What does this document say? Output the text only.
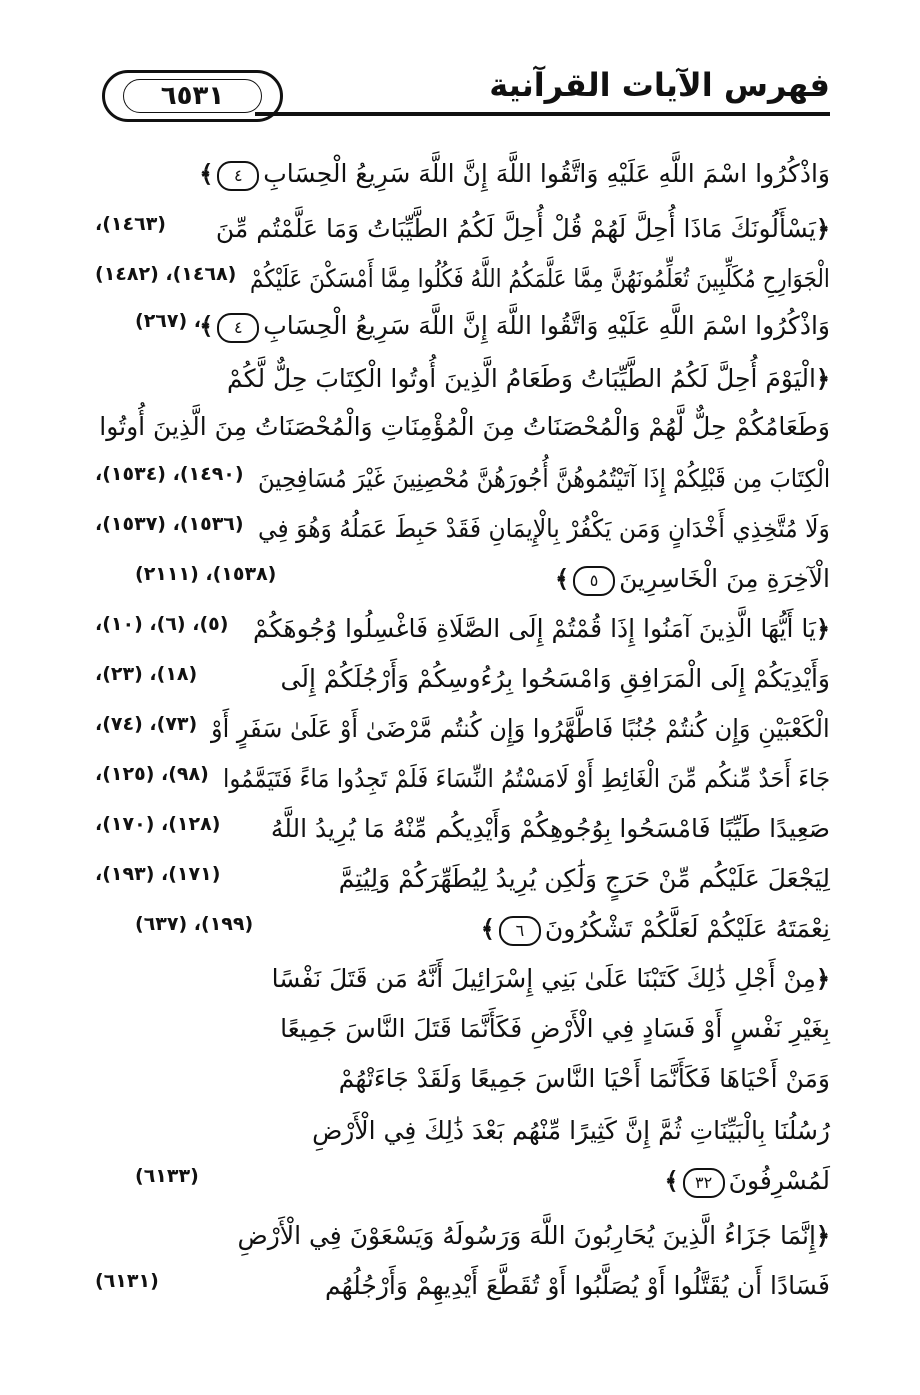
٦٥٣١	فهرس الآيات القرآنية
وَاذْكُرُوا اسْمَ اللَّهِ عَلَيْهِ وَاتَّقُوا اللَّهَ إِنَّ اللَّهَ سَرِيعُ الْحِسَابِ٤﴾
﴿يَسْأَلُونَكَ مَاذَا أُحِلَّ لَهُمْ قُلْ أُحِلَّ لَكُمُ الطَّيِّبَاتُ وَمَا عَلَّمْتُم مِّنَ
(١٤٦٣)،
الْجَوَارِحِ مُكَلِّبِينَ تُعَلِّمُونَهُنَّ مِمَّا عَلَّمَكُمُ اللَّهُ فَكُلُوا مِمَّا أَمْسَكْنَ عَلَيْكُمْ
(١٤٦٨)، (١٤٨٢)
وَاذْكُرُوا اسْمَ اللَّهِ عَلَيْهِ وَاتَّقُوا اللَّهَ إِنَّ اللَّهَ سَرِيعُ الْحِسَابِ٤﴾
، (٢٦٧)
﴿الْيَوْمَ أُحِلَّ لَكُمُ الطَّيِّبَاتُ وَطَعَامُ الَّذِينَ أُوتُوا الْكِتَابَ حِلٌّ لَّكُمْ
وَطَعَامُكُمْ حِلٌّ لَّهُمْ وَالْمُحْصَنَاتُ مِنَ الْمُؤْمِنَاتِ وَالْمُحْصَنَاتُ مِنَ الَّذِينَ أُوتُوا
الْكِتَابَ مِن قَبْلِكُمْ إِذَا آتَيْتُمُوهُنَّ أُجُورَهُنَّ مُحْصِنِينَ غَيْرَ مُسَافِحِينَ
(١٤٩٠)، (١٥٣٤)،
وَلَا مُتَّخِذِي أَخْدَانٍ وَمَن يَكْفُرْ بِالْإِيمَانِ فَقَدْ حَبِطَ عَمَلُهُ وَهُوَ فِي
(١٥٣٦)، (١٥٣٧)،
الْآخِرَةِ مِنَ الْخَاسِرِينَ٥﴾
(١٥٣٨)، (٢١١١)
﴿يَا أَيُّهَا الَّذِينَ آمَنُوا إِذَا قُمْتُمْ إِلَى الصَّلَاةِ فَاغْسِلُوا وُجُوهَكُمْ
(٥)، (٦)، (١٠)،
وَأَيْدِيَكُمْ إِلَى الْمَرَافِقِ وَامْسَحُوا بِرُءُوسِكُمْ وَأَرْجُلَكُمْ إِلَى
(١٨)، (٢٣)،
الْكَعْبَيْنِ وَإِن كُنتُمْ جُنُبًا فَاطَّهَّرُوا وَإِن كُنتُم مَّرْضَىٰ أَوْ عَلَىٰ سَفَرٍ أَوْ
(٧٣)، (٧٤)،
جَاءَ أَحَدٌ مِّنكُم مِّنَ الْغَائِطِ أَوْ لَامَسْتُمُ النِّسَاءَ فَلَمْ تَجِدُوا مَاءً فَتَيَمَّمُوا
(٩٨)، (١٢٥)،
صَعِيدًا طَيِّبًا فَامْسَحُوا بِوُجُوهِكُمْ وَأَيْدِيكُم مِّنْهُ مَا يُرِيدُ اللَّهُ
(١٢٨)، (١٧٠)،
لِيَجْعَلَ عَلَيْكُم مِّنْ حَرَجٍ وَلَٰكِن يُرِيدُ لِيُطَهِّرَكُمْ وَلِيُتِمَّ
(١٧١)، (١٩٣)،
نِعْمَتَهُ عَلَيْكُمْ لَعَلَّكُمْ تَشْكُرُونَ٦﴾
(١٩٩)، (٦٣٧)
﴿مِنْ أَجْلِ ذَٰلِكَ كَتَبْنَا عَلَىٰ بَنِي إِسْرَائِيلَ أَنَّهُ مَن قَتَلَ نَفْسًا
بِغَيْرِ نَفْسٍ أَوْ فَسَادٍ فِي الْأَرْضِ فَكَأَنَّمَا قَتَلَ النَّاسَ جَمِيعًا
وَمَنْ أَحْيَاهَا فَكَأَنَّمَا أَحْيَا النَّاسَ جَمِيعًا وَلَقَدْ جَاءَتْهُمْ
رُسُلُنَا بِالْبَيِّنَاتِ ثُمَّ إِنَّ كَثِيرًا مِّنْهُم بَعْدَ ذَٰلِكَ فِي الْأَرْضِ
لَمُسْرِفُونَ٣٢﴾
(٦١٣٣)
﴿إِنَّمَا جَزَاءُ الَّذِينَ يُحَارِبُونَ اللَّهَ وَرَسُولَهُ وَيَسْعَوْنَ فِي الْأَرْضِ
فَسَادًا أَن يُقَتَّلُوا أَوْ يُصَلَّبُوا أَوْ تُقَطَّعَ أَيْدِيهِمْ وَأَرْجُلُهُم
(٦١٣١)
